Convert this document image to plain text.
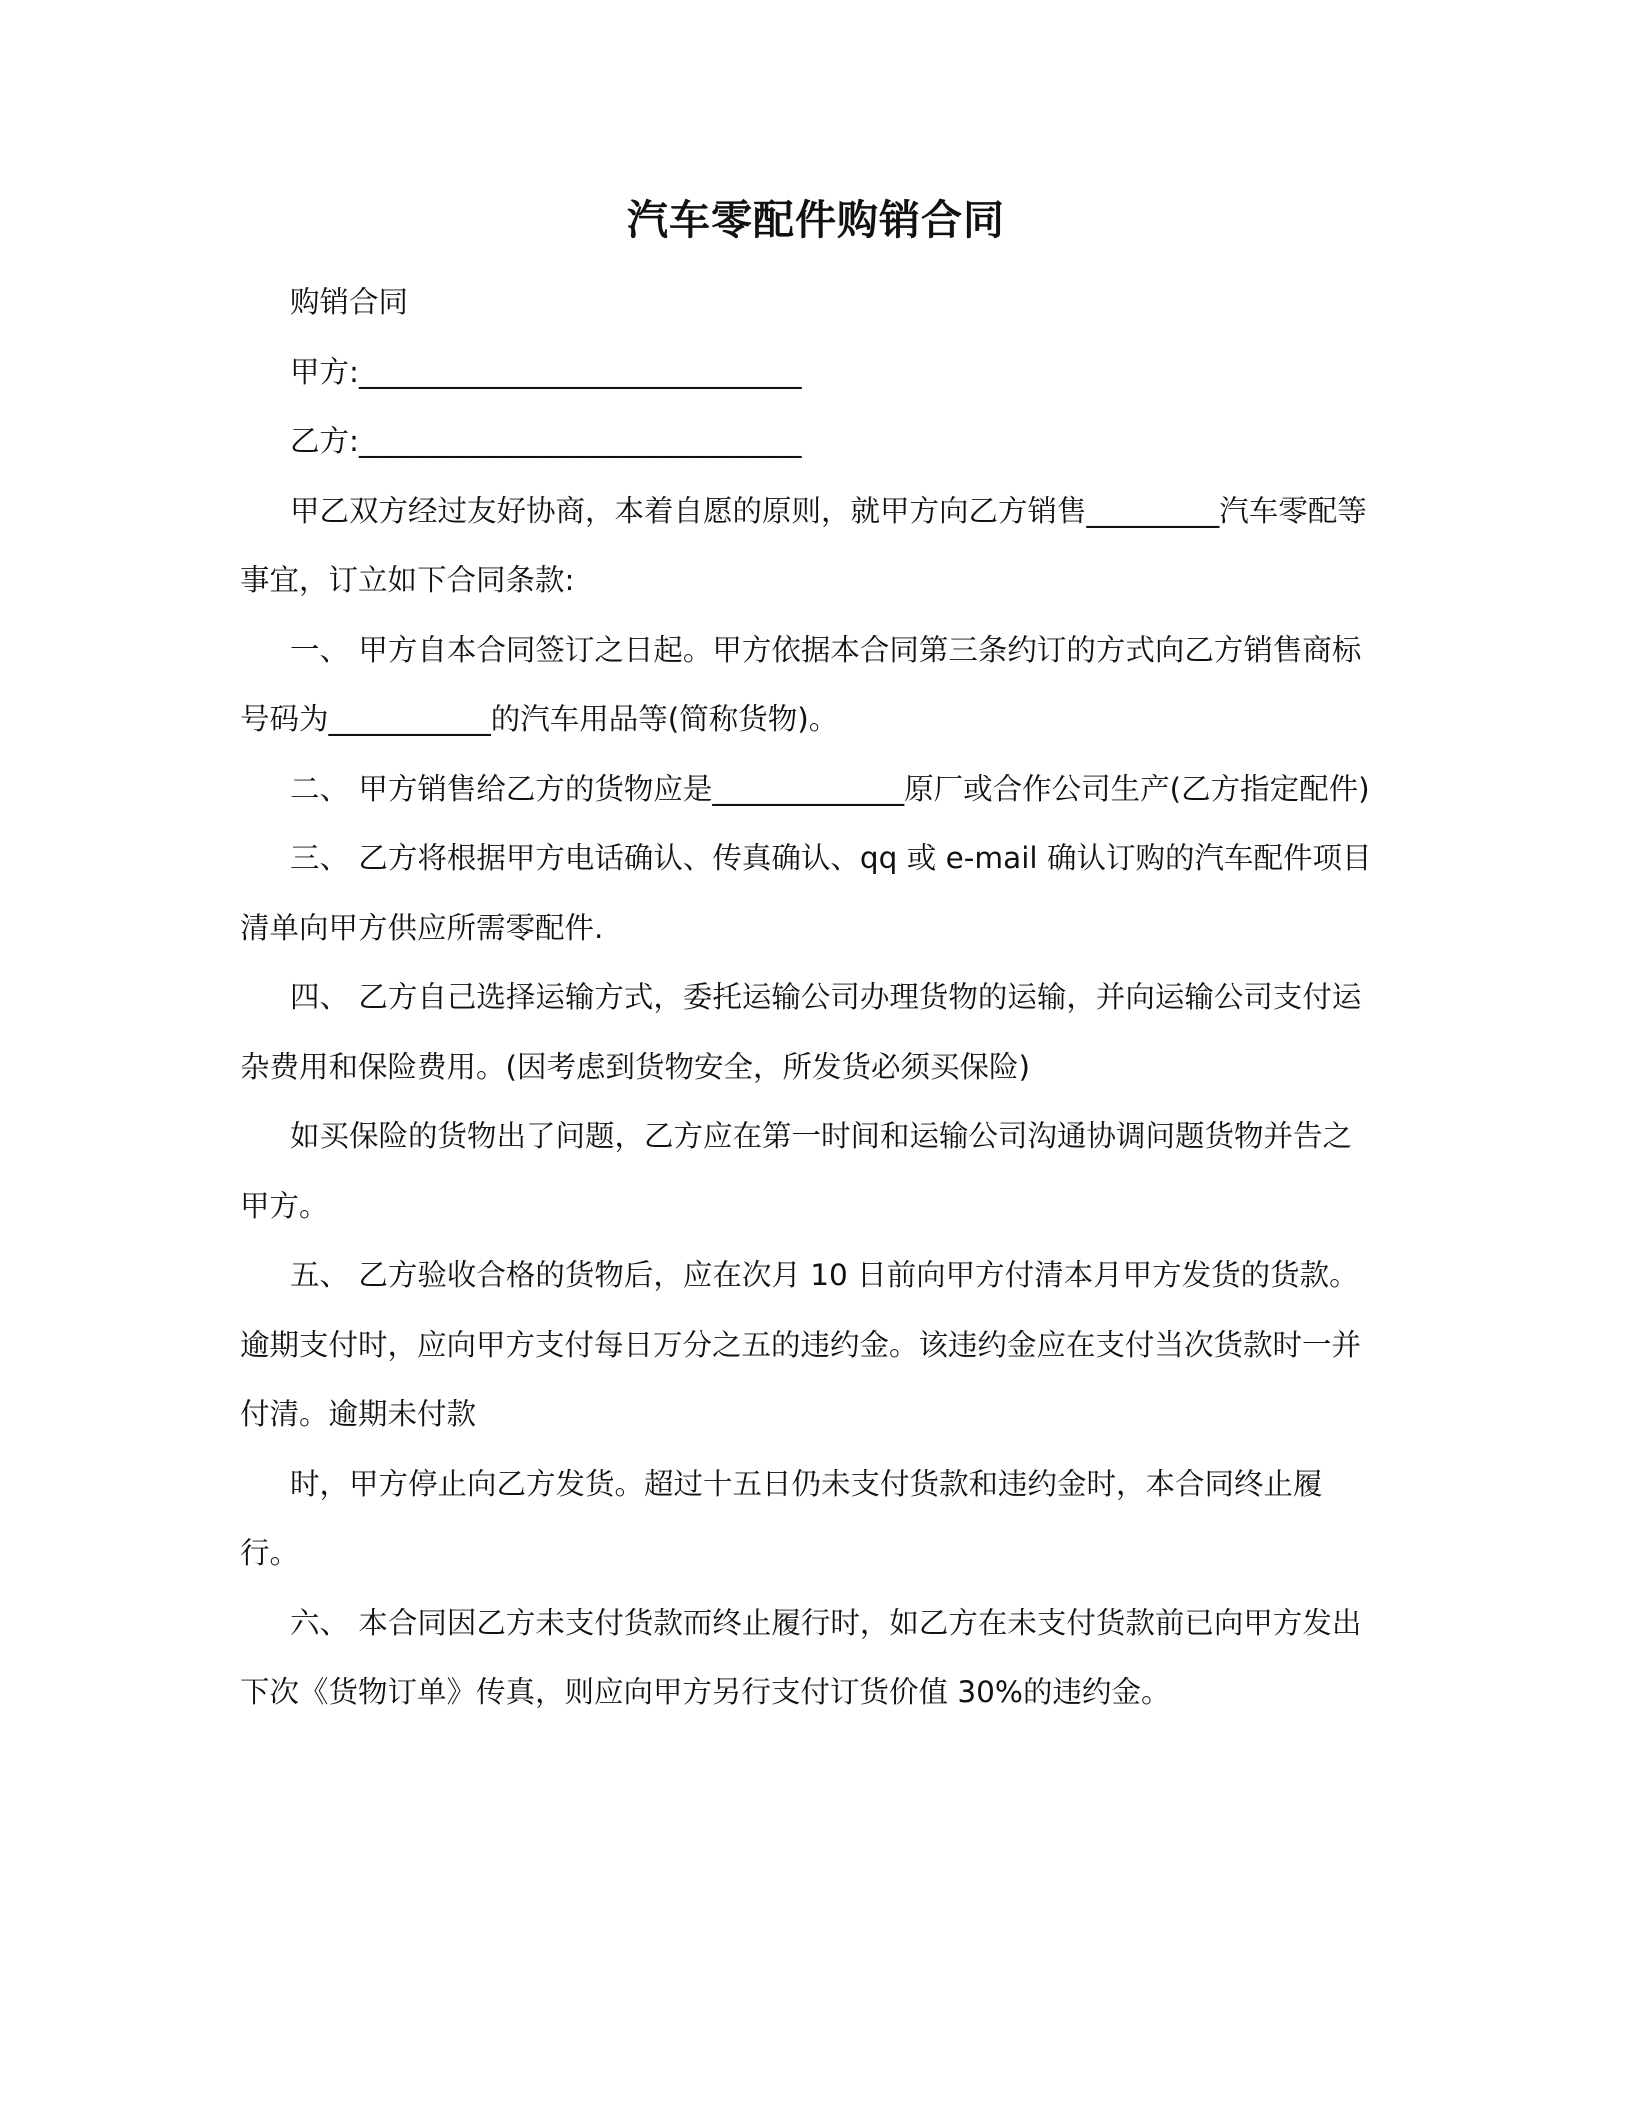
汽车零配件购销合同

购销合同

甲方:______________________________

乙方:______________________________

甲乙双方经过友好协商，本着自愿的原则，就甲方向乙方销售_________汽车零配等事宜，订立如下合同条款:

一、 甲方自本合同签订之日起。甲方依据本合同第三条约订的方式向乙方销售商标号码为___________的汽车用品等(简称货物)。

二、 甲方销售给乙方的货物应是_____________原厂或合作公司生产(乙方指定配件)

三、 乙方将根据甲方电话确认、传真确认、qq 或 e-mail 确认订购的汽车配件项目清单向甲方供应所需零配件.

四、 乙方自己选择运输方式，委托运输公司办理货物的运输，并向运输公司支付运杂费用和保险费用。(因考虑到货物安全，所发货必须买保险)

如买保险的货物出了问题，乙方应在第一时间和运输公司沟通协调问题货物并告之甲方。

五、 乙方验收合格的货物后，应在次月 10 日前向甲方付清本月甲方发货的货款。逾期支付时，应向甲方支付每日万分之五的违约金。该违约金应在支付当次货款时一并付清。逾期未付款

时，甲方停止向乙方发货。超过十五日仍未支付货款和违约金时，本合同终止履行。

六、 本合同因乙方未支付货款而终止履行时，如乙方在未支付货款前已向甲方发出下次《货物订单》传真，则应向甲方另行支付订货价值 30%的违约金。
